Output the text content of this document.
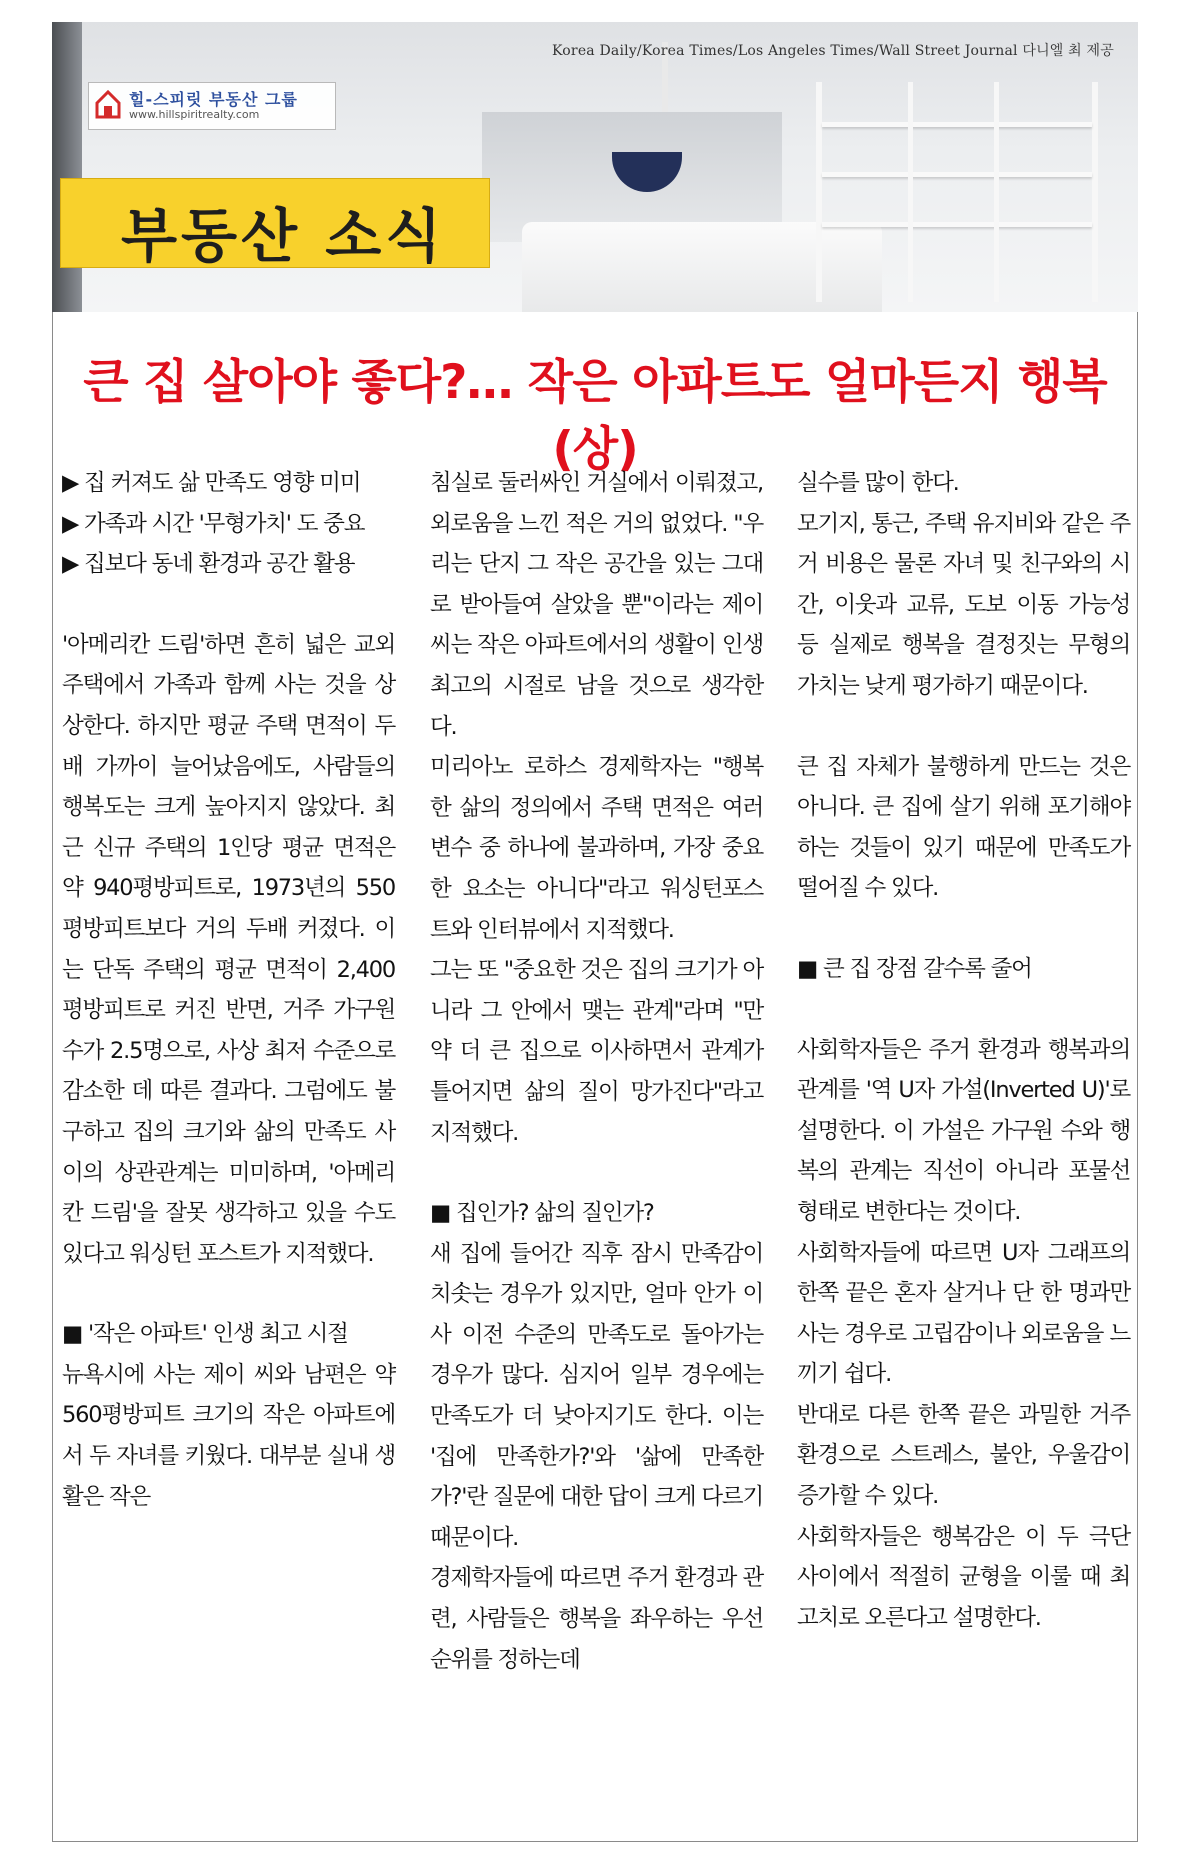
Korea Daily/Korea Times/Los Angeles Times/Wall Street Journal 다니엘 최 제공
힐-스피릿 부동산 그룹
www.hillspiritrealty.com
부동산 소식
큰 집 살아야 좋다?… 작은 아파트도 얼마든지 행복 (상)

▶ 집 커져도 삶 만족도 영향 미미

▶ 가족과 시간 '무형가치' 도 중요

▶ 집보다 동네 환경과 공간 활용

'아메리칸 드림'하면 흔히 넓은 교외 주택에서 가족과 함께 사는 것을 상상한다. 하지만 평균 주택 면적이 두 배 가까이 늘어났음에도, 사람들의 행복도는 크게 높아지지 않았다. 최근 신규 주택의 1인당 평균 면적은 약 940평방피트로, 1973년의 550평방피트보다 거의 두배 커졌다. 이는 단독 주택의 평균 면적이 2,400평방피트로 커진 반면, 거주 가구원 수가 2.5명으로, 사상 최저 수준으로 감소한 데 따른 결과다. 그럼에도 불구하고 집의 크기와 삶의 만족도 사이의 상관관계는 미미하며, '아메리칸 드림'을 잘못 생각하고 있을 수도 있다고 워싱턴 포스트가 지적했다.

■ '작은 아파트' 인생 최고 시절

뉴욕시에 사는 제이 씨와 남편은 약 560평방피트 크기의 작은 아파트에서 두 자녀를 키웠다. 대부분 실내 생활은 작은

침실로 둘러싸인 거실에서 이뤄졌고, 외로움을 느낀 적은 거의 없었다. "우리는 단지 그 작은 공간을 있는 그대로 받아들여 살았을 뿐"이라는 제이 씨는 작은 아파트에서의 생활이 인생 최고의 시절로 남을 것으로 생각한다.

미리아노 로하스 경제학자는 "행복한 삶의 정의에서 주택 면적은 여러 변수 중 하나에 불과하며, 가장 중요한 요소는 아니다"라고 워싱턴포스트와 인터뷰에서 지적했다.

그는 또 "중요한 것은 집의 크기가 아니라 그 안에서 맺는 관계"라며 "만약 더 큰 집으로 이사하면서 관계가 틀어지면 삶의 질이 망가진다"라고 지적했다.

■ 집인가? 삶의 질인가?

새 집에 들어간 직후 잠시 만족감이 치솟는 경우가 있지만, 얼마 안가 이사 이전 수준의 만족도로 돌아가는 경우가 많다. 심지어 일부 경우에는 만족도가 더 낮아지기도 한다. 이는 '집에 만족한가?'와 '삶에 만족한가?'란 질문에 대한 답이 크게 다르기 때문이다.

경제학자들에 따르면 주거 환경과 관련, 사람들은 행복을 좌우하는 우선순위를 정하는데

실수를 많이 한다.

모기지, 통근, 주택 유지비와 같은 주거 비용은 물론 자녀 및 친구와의 시간, 이웃과 교류, 도보 이동 가능성 등 실제로 행복을 결정짓는 무형의 가치는 낮게 평가하기 때문이다.

큰 집 자체가 불행하게 만드는 것은 아니다. 큰 집에 살기 위해 포기해야 하는 것들이 있기 때문에 만족도가 떨어질 수 있다.

■ 큰 집 장점 갈수록 줄어

사회학자들은 주거 환경과 행복과의 관계를 '역 U자 가설(Inverted U)'로 설명한다. 이 가설은 가구원 수와 행복의 관계는 직선이 아니라 포물선 형태로 변한다는 것이다.

사회학자들에 따르면 U자 그래프의 한쪽 끝은 혼자 살거나 단 한 명과만 사는 경우로 고립감이나 외로움을 느끼기 쉽다.

반대로 다른 한쪽 끝은 과밀한 거주 환경으로 스트레스, 불안, 우울감이 증가할 수 있다.

사회학자들은 행복감은 이 두 극단 사이에서 적절히 균형을 이룰 때 최고치로 오른다고 설명한다.
